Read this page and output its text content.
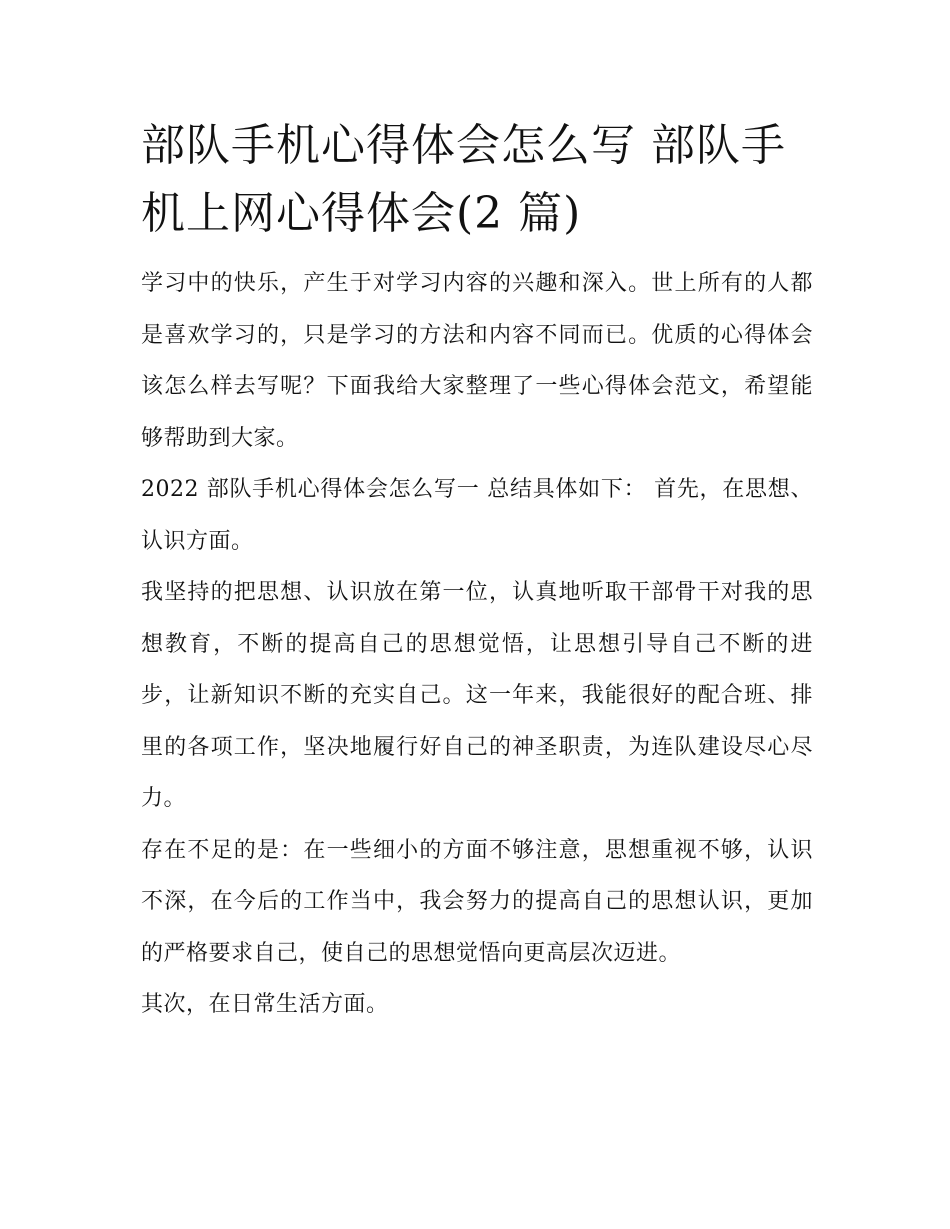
部队手机心得体会怎么写 部队手机上网心得体会(2 篇)

学习中的快乐，产生于对学习内容的兴趣和深入。世上所有的人都是喜欢学习的，只是学习的方法和内容不同而已。优质的心得体会该怎么样去写呢？下面我给大家整理了一些心得体会范文，希望能够帮助到大家。

2022 部队手机心得体会怎么写一 总结具体如下： 首先，在思想、认识方面。

我坚持的把思想、认识放在第一位，认真地听取干部骨干对我的思想教育，不断的提高自己的思想觉悟，让思想引导自己不断的进步，让新知识不断的充实自己。这一年来，我能很好的配合班、排里的各项工作，坚决地履行好自己的神圣职责，为连队建设尽心尽力。

存在不足的是：在一些细小的方面不够注意，思想重视不够，认识不深，在今后的工作当中，我会努力的提高自己的思想认识，更加的严格要求自己，使自己的思想觉悟向更高层次迈进。

其次，在日常生活方面。
